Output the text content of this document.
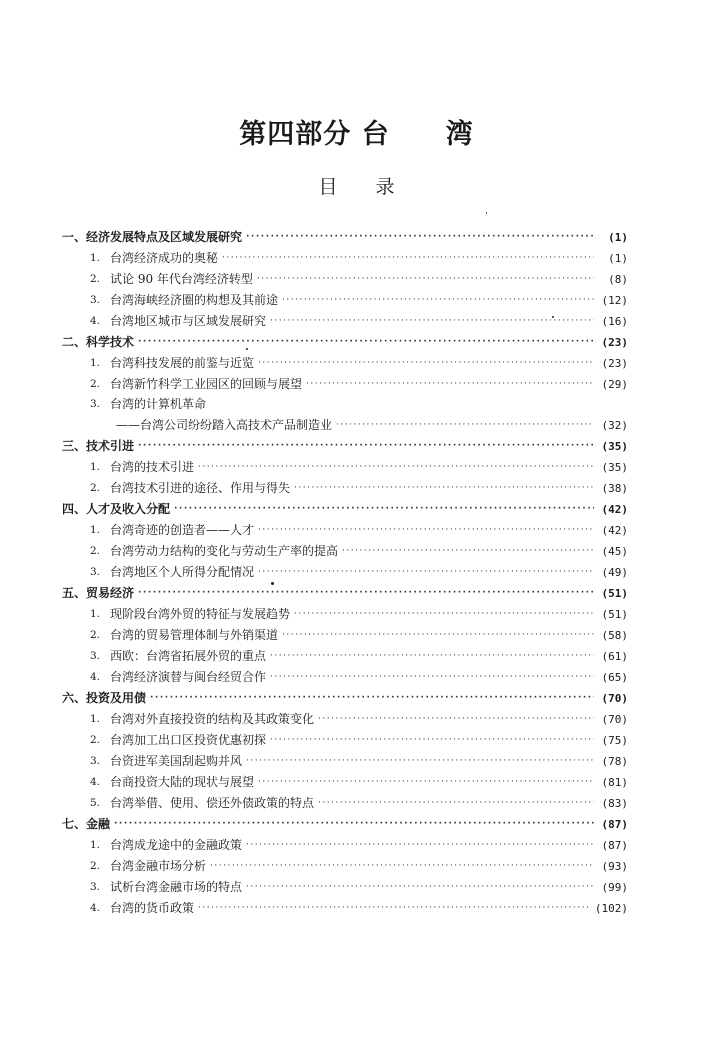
第四部分 台　　湾
目　　录
一、经济发展特点及区域发展研究 ·····	(1)
1. 台湾经济成功的奥秘 ·····	(1)
2. 试论 90 年代台湾经济转型 ·····	(8)
3. 台湾海峡经济圈的构想及其前途 ·····	(12)
4. 台湾地区城市与区域发展研究 ·····	(16)
二、科学技术 ·····	(23)
1. 台湾科技发展的前鉴与近览 ·····	(23)
2. 台湾新竹科学工业园区的回顾与展望 ·····	(29)
3. 台湾的计算机革命
——台湾公司纷纷踏入高技术产品制造业 ·····	(32)
三、技术引进 ·····	(35)
1. 台湾的技术引进 ·····	(35)
2. 台湾技术引进的途径、作用与得失 ·····	(38)
四、人才及收入分配 ·····	(42)
1. 台湾奇迹的创造者——人才 ·····	(42)
2. 台湾劳动力结构的变化与劳动生产率的提高 ·····	(45)
3. 台湾地区个人所得分配情况 ·····	(49)
五、贸易经济 ·····	(51)
1. 现阶段台湾外贸的特征与发展趋势 ·····	(51)
2. 台湾的贸易管理体制与外销渠道 ·····	(58)
3. 西欧：台湾省拓展外贸的重点 ·····	(61)
4. 台湾经济演替与闽台经贸合作 ·····	(65)
六、投资及用债 ·····	(70)
1. 台湾对外直接投资的结构及其政策变化 ·····	(70)
2. 台湾加工出口区投资优惠初探 ·····	(75)
3. 台资进军美国刮起购并风 ·····	(78)
4. 台商投资大陆的现状与展望 ·····	(81)
5. 台湾举借、使用、偿还外债政策的特点 ·····	(83)
七、金融 ·····	(87)
1. 台湾成龙途中的金融政策 ·····	(87)
2. 台湾金融市场分析 ·····	(93)
3. 试析台湾金融市场的特点 ·····	(99)
4. 台湾的货币政策 ·····	(102)
